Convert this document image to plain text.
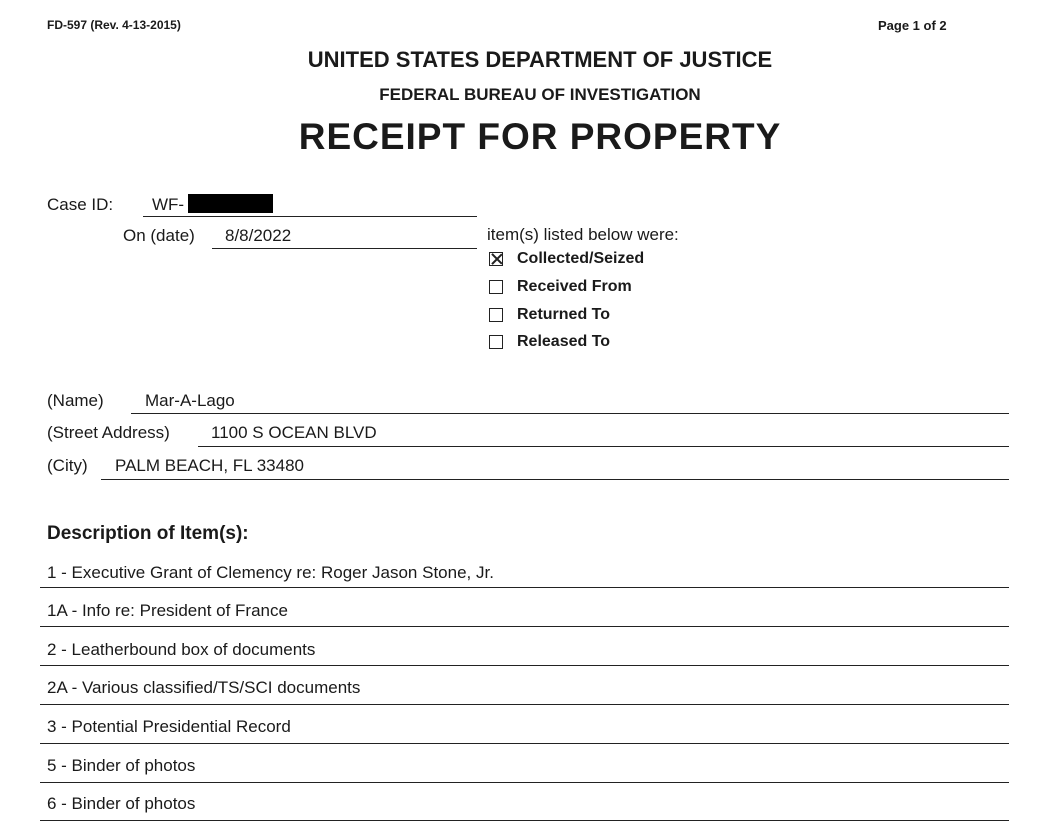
FD-597 (Rev. 4-13-2015)	Page 1 of 2
UNITED STATES DEPARTMENT OF JUSTICE
FEDERAL BUREAU OF INVESTIGATION
RECEIPT FOR PROPERTY
Case ID: WF-
On (date) 8/8/2022	item(s) listed below were:
Collected/Seized
Received From
Returned To
Released To
(Name) Mar-A-Lago
(Street Address) 1100 S OCEAN BLVD
(City) PALM BEACH, FL 33480
Description of Item(s):
1 - Executive Grant of Clemency re: Roger Jason Stone, Jr.
1A - Info re: President of France
2 - Leatherbound box of documents
2A - Various classified/TS/SCI documents
3 - Potential Presidential Record
5 - Binder of photos
6 - Binder of photos
